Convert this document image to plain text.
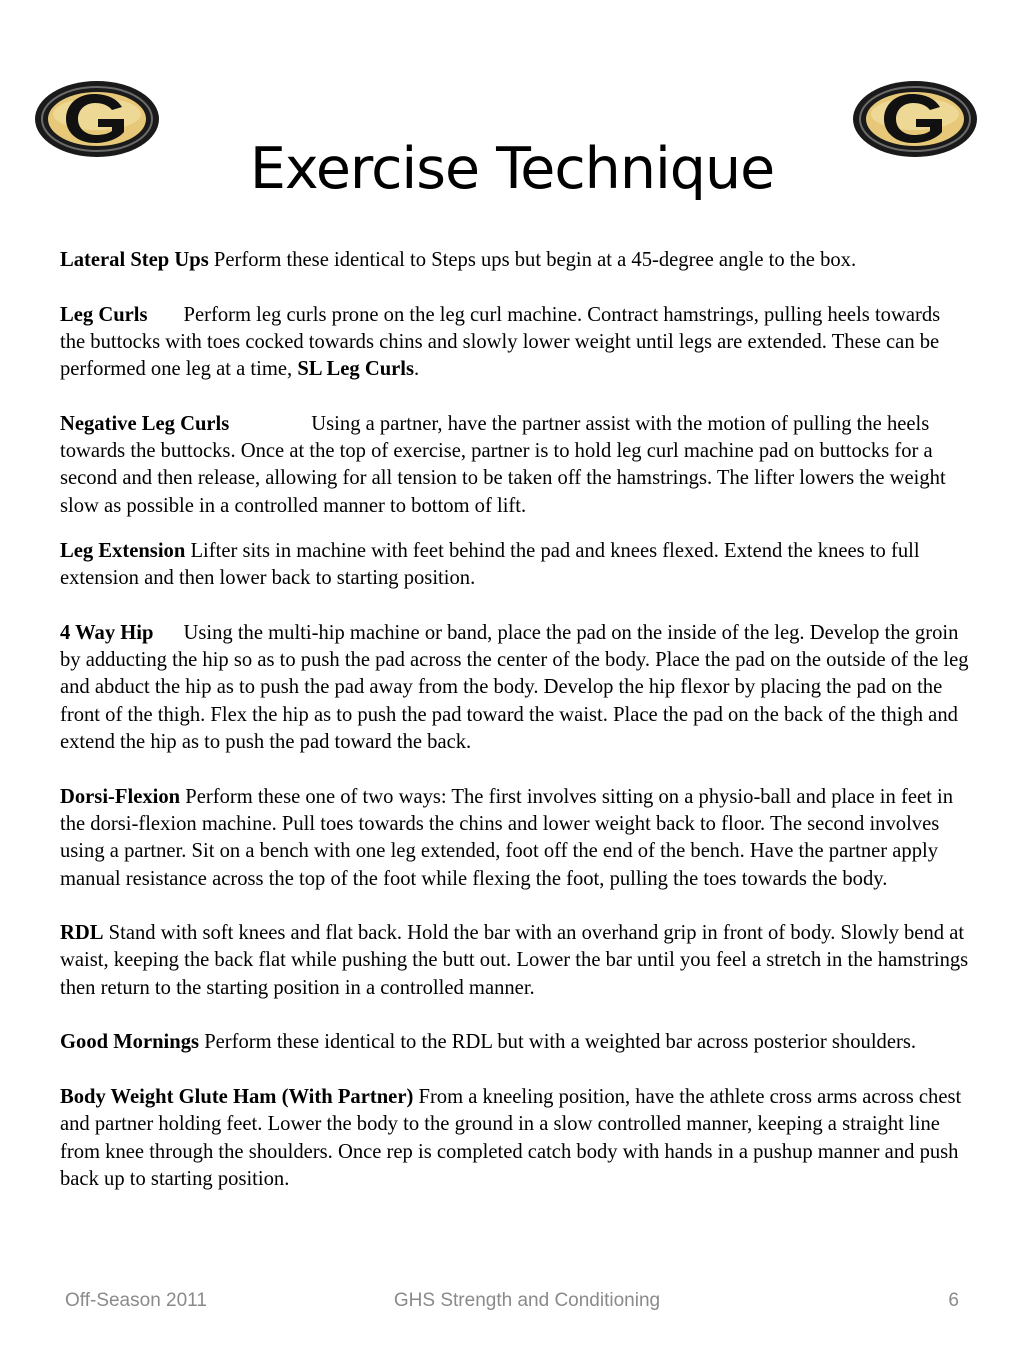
Exercise Technique

Lateral Step Ups Perform these identical to Steps ups but begin at a 45-degree angle to the box.

Leg Curls Perform leg curls prone on the leg curl machine. Contract hamstrings, pulling heels towards the buttocks with toes cocked towards chins and slowly lower weight until legs are extended. These can be performed one leg at a time, SL Leg Curls.

Negative Leg Curls	Using a partner, have the partner assist with the motion of pulling the heels towards the buttocks. Once at the top of exercise, partner is to hold leg curl machine pad on buttocks for a second and then release, allowing for all tension to be taken off the hamstrings. The lifter lowers the weight slow as possible in a controlled manner to bottom of lift.

Leg Extension Lifter sits in machine with feet behind the pad and knees flexed. Extend the knees to full extension and then lower back to starting position.

4 Way Hip Using the multi-hip machine or band, place the pad on the inside of the leg. Develop the groin by adducting the hip so as to push the pad across the center of the body. Place the pad on the outside of the leg and abduct the hip as to push the pad away from the body. Develop the hip flexor by placing the pad on the front of the thigh. Flex the hip as to push the pad toward the waist. Place the pad on the back of the thigh and extend the hip as to push the pad toward the back.

Dorsi-Flexion Perform these one of two ways: The first involves sitting on a physio-ball and place in feet in the dorsi-flexion machine. Pull toes towards the chins and lower weight back to floor. The second involves using a partner. Sit on a bench with one leg extended, foot off the end of the bench. Have the partner apply manual resistance across the top of the foot while flexing the foot, pulling the toes towards the body.

RDL Stand with soft knees and flat back. Hold the bar with an overhand grip in front of body. Slowly bend at waist, keeping the back flat while pushing the butt out. Lower the bar until you feel a stretch in the hamstrings then return to the starting position in a controlled manner.

Good Mornings Perform these identical to the RDL but with a weighted bar across posterior shoulders.

Body Weight Glute Ham (With Partner) From a kneeling position, have the athlete cross arms across chest and partner holding feet. Lower the body to the ground in a slow controlled manner, keeping a straight line from knee through the shoulders. Once rep is completed catch body with hands in a pushup manner and push back up to starting position.

Off-Season 2011	GHS Strength and Conditioning	6
